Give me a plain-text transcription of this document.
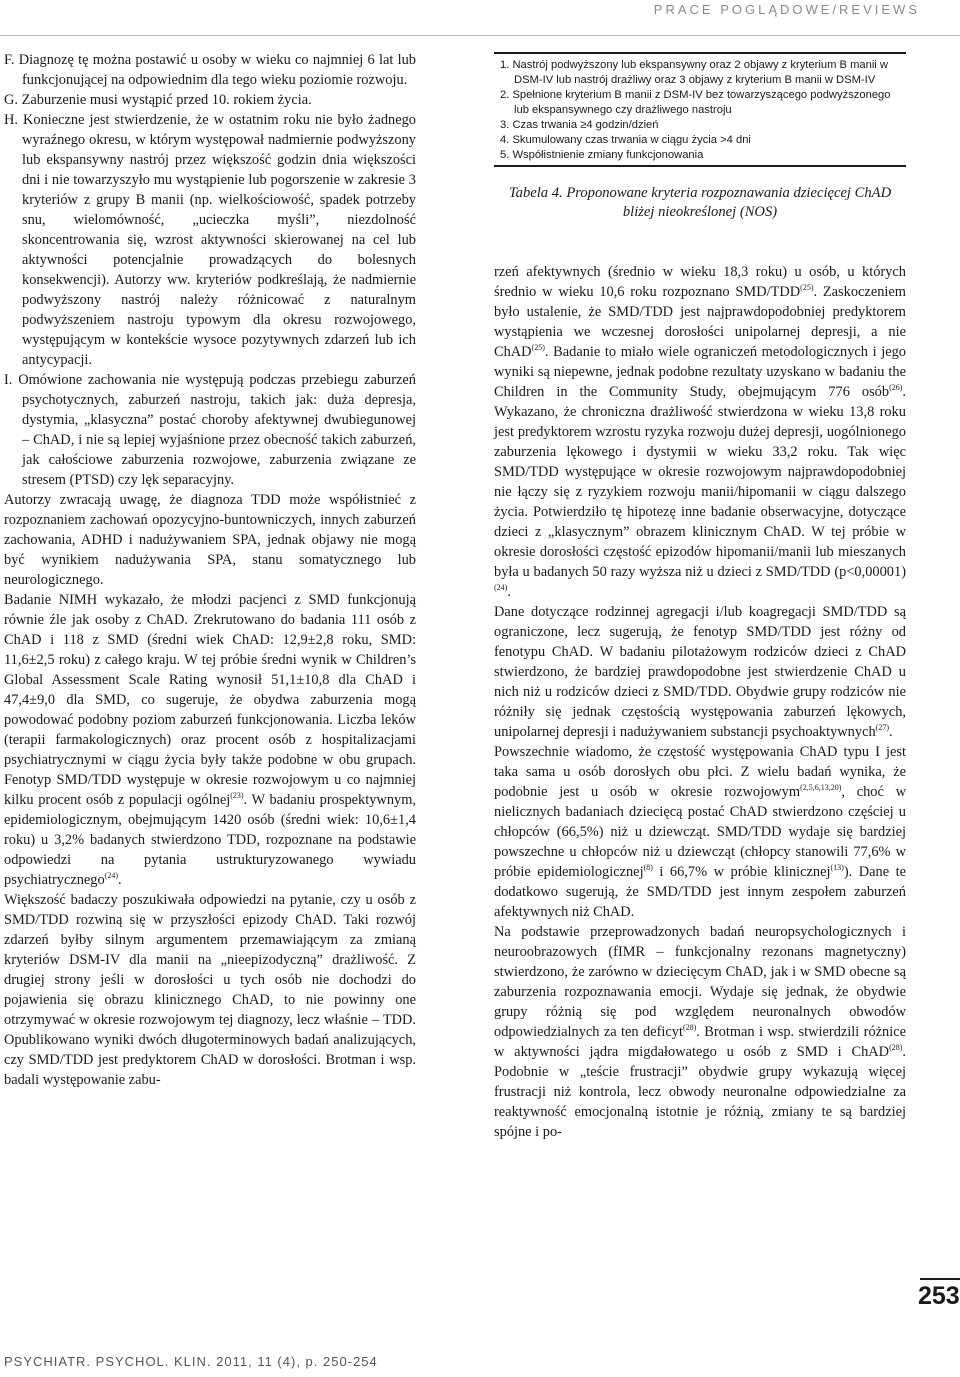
PRACE POGLĄDOWE/REVIEWS

F. Diagnozę tę można postawić u osoby w wieku co najmniej 6 lat lub funkcjonującej na odpowiednim dla tego wieku poziomie rozwoju.

G. Zaburzenie musi wystąpić przed 10. rokiem życia.

H. Konieczne jest stwierdzenie, że w ostatnim roku nie było żadnego wyraźnego okresu, w którym występował nadmiernie podwyższony lub ekspansywny nastrój przez większość godzin dnia większości dni i nie towarzyszyło mu wystąpienie lub pogorszenie w zakresie 3 kryteriów z grupy B manii (np. wielkościowość, spadek potrzeby snu, wielomówność, „ucieczka myśli”, niezdolność skoncentrowania się, wzrost aktywności skierowanej na cel lub aktywności potencjalnie prowadzących do bolesnych konsekwencji). Autorzy ww. kryteriów podkreślają, że nadmiernie podwyższony nastrój należy różnicować z naturalnym podwyższeniem nastroju typowym dla okresu rozwojowego, występującym w kontekście wysoce pozytywnych zdarzeń lub ich antycypacji.

I. Omówione zachowania nie występują podczas przebiegu zaburzeń psychotycznych, zaburzeń nastroju, takich jak: duża depresja, dystymia, „klasyczna” postać choroby afektywnej dwubiegunowej – ChAD, i nie są lepiej wyjaśnione przez obecność takich zaburzeń, jak całościowe zaburzenia rozwojowe, zaburzenia związane ze stresem (PTSD) czy lęk separacyjny.

Autorzy zwracają uwagę, że diagnoza TDD może współistnieć z rozpoznaniem zachowań opozycyjno-buntowniczych, innych zaburzeń zachowania, ADHD i nadużywaniem SPA, jednak objawy nie mogą być wynikiem nadużywania SPA, stanu somatycznego lub neurologicznego.

Badanie NIMH wykazało, że młodzi pacjenci z SMD funkcjonują równie źle jak osoby z ChAD. Zrekrutowano do badania 111 osób z ChAD i 118 z SMD (średni wiek ChAD: 12,9±2,8 roku, SMD: 11,6±2,5 roku) z całego kraju. W tej próbie średni wynik w Children’s Global Assessment Scale Rating wynosił 51,1±10,8 dla ChAD i 47,4±9,0 dla SMD, co sugeruje, że obydwa zaburzenia mogą powodować podobny poziom zaburzeń funkcjonowania. Liczba leków (terapii farmakologicznych) oraz procent osób z hospitalizacjami psychiatrycznymi w ciągu życia były także podobne w obu grupach. Fenotyp SMD/TDD występuje w okresie rozwojowym u co najmniej kilku procent osób z populacji ogólnej$^{(23)}$. W badaniu prospektywnym, epidemiologicznym, obejmującym 1420 osób (średni wiek: 10,6±1,4 roku) u 3,2% badanych stwierdzono TDD, rozpoznane na podstawie odpowiedzi na pytania ustrukturyzowanego wywiadu psychiatrycznego$^{(24)}$.

Większość badaczy poszukiwała odpowiedzi na pytanie, czy u osób z SMD/TDD rozwiną się w przyszłości epizody ChAD. Taki rozwój zdarzeń byłby silnym argumentem przemawiającym za zmianą kryteriów DSM-IV dla manii na „nieepizodyczną” drażliwość. Z drugiej strony jeśli w dorosłości u tych osób nie dochodzi do pojawienia się obrazu klinicznego ChAD, to nie powinny one otrzymywać w okresie rozwojowym tej diagnozy, lecz właśnie – TDD. Opublikowano wyniki dwóch długoterminowych badań analizujących, czy SMD/TDD jest predyktorem ChAD w dorosłości. Brotman i wsp. badali występowanie zabu-

1. Nastrój podwyższony lub ekspansywny oraz 2 objawy z kryterium B manii w DSM-IV lub nastrój drażliwy oraz 3 objawy z kryterium B manii w DSM-IV

2. Spełnione kryterium B manii z DSM-IV bez towarzyszącego podwyższonego lub ekspansywnego czy drażliwego nastroju

3. Czas trwania ≥4 godzin/dzień

4. Skumulowany czas trwania w ciągu życia >4 dni

5. Współistnienie zmiany funkcjonowania

Tabela 4. Proponowane kryteria rozpoznawania dziecięcej ChAD bliżej nieokreślonej (NOS)

rzeń afektywnych (średnio w wieku 18,3 roku) u osób, u których średnio w wieku 10,6 roku rozpoznano SMD/TDD$^{(25)}$. Zaskoczeniem było ustalenie, że SMD/TDD jest najprawdopodobniej predyktorem wystąpienia we wczesnej dorosłości unipolarnej depresji, a nie ChAD$^{(25)}$. Badanie to miało wiele ograniczeń metodologicznych i jego wyniki są niepewne, jednak podobne rezultaty uzyskano w badaniu the Children in the Community Study, obejmującym 776 osób$^{(26)}$. Wykazano, że chroniczna drażliwość stwierdzona w wieku 13,8 roku jest predyktorem wzrostu ryzyka rozwoju dużej depresji, uogólnionego zaburzenia lękowego i dystymii w wieku 33,2 roku. Tak więc SMD/TDD występujące w okresie rozwojowym najprawdopodobniej nie łączy się z ryzykiem rozwoju manii/hipomanii w ciągu dalszego życia. Potwierdziło tę hipotezę inne badanie obserwacyjne, dotyczące dzieci z „klasycznym” obrazem klinicznym ChAD. W tej próbie w okresie dorosłości częstość epizodów hipomanii/manii lub mieszanych była u badanych 50 razy wyższa niż u dzieci z SMD/TDD (p<0,00001)$^{(24)}$.

Dane dotyczące rodzinnej agregacji i/lub koagregacji SMD/TDD są ograniczone, lecz sugerują, że fenotyp SMD/TDD jest różny od fenotypu ChAD. W badaniu pilotażowym rodziców dzieci z ChAD stwierdzono, że bardziej prawdopodobne jest stwierdzenie ChAD u nich niż u rodziców dzieci z SMD/TDD. Obydwie grupy rodziców nie różniły się jednak częstością występowania zaburzeń lękowych, unipolarnej depresji i nadużywaniem substancji psychoaktywnych$^{(27)}$.

Powszechnie wiadomo, że częstość występowania ChAD typu I jest taka sama u osób dorosłych obu płci. Z wielu badań wynika, że podobnie jest u osób w okresie rozwojowym$^{(2,5,6,13,20)}$, choć w nielicznych badaniach dziecięcą postać ChAD stwierdzono częściej u chłopców (66,5%) niż u dziewcząt. SMD/TDD wydaje się bardziej powszechne u chłopców niż u dziewcząt (chłopcy stanowili 77,6% w próbie epidemiologicznej$^{(8)}$ i 66,7% w próbie klinicznej$^{(13)}$). Dane te dodatkowo sugerują, że SMD/TDD jest innym zespołem zaburzeń afektywnych niż ChAD.

Na podstawie przeprowadzonych badań neuropsychologicznych i neuroobrazowych (fIMR – funkcjonalny rezonans magnetyczny) stwierdzono, że zarówno w dziecięcym ChAD, jak i w SMD obecne są zaburzenia rozpoznawania emocji. Wydaje się jednak, że obydwie grupy różnią się pod względem neuronalnych obwodów odpowiedzialnych za ten deficyt$^{(28)}$. Brotman i wsp. stwierdzili różnice w aktywności jądra migdałowatego u osób z SMD i ChAD$^{(28)}$. Podobnie w „teście frustracji” obydwie grupy wykazują więcej frustracji niż kontrola, lecz obwody neuronalne odpowiedzialne za reaktywność emocjonalną istotnie je różnią, zmiany te są bardziej spójne i po-

253
PSYCHIATR. PSYCHOL. KLIN. 2011, 11 (4), p. 250-254
